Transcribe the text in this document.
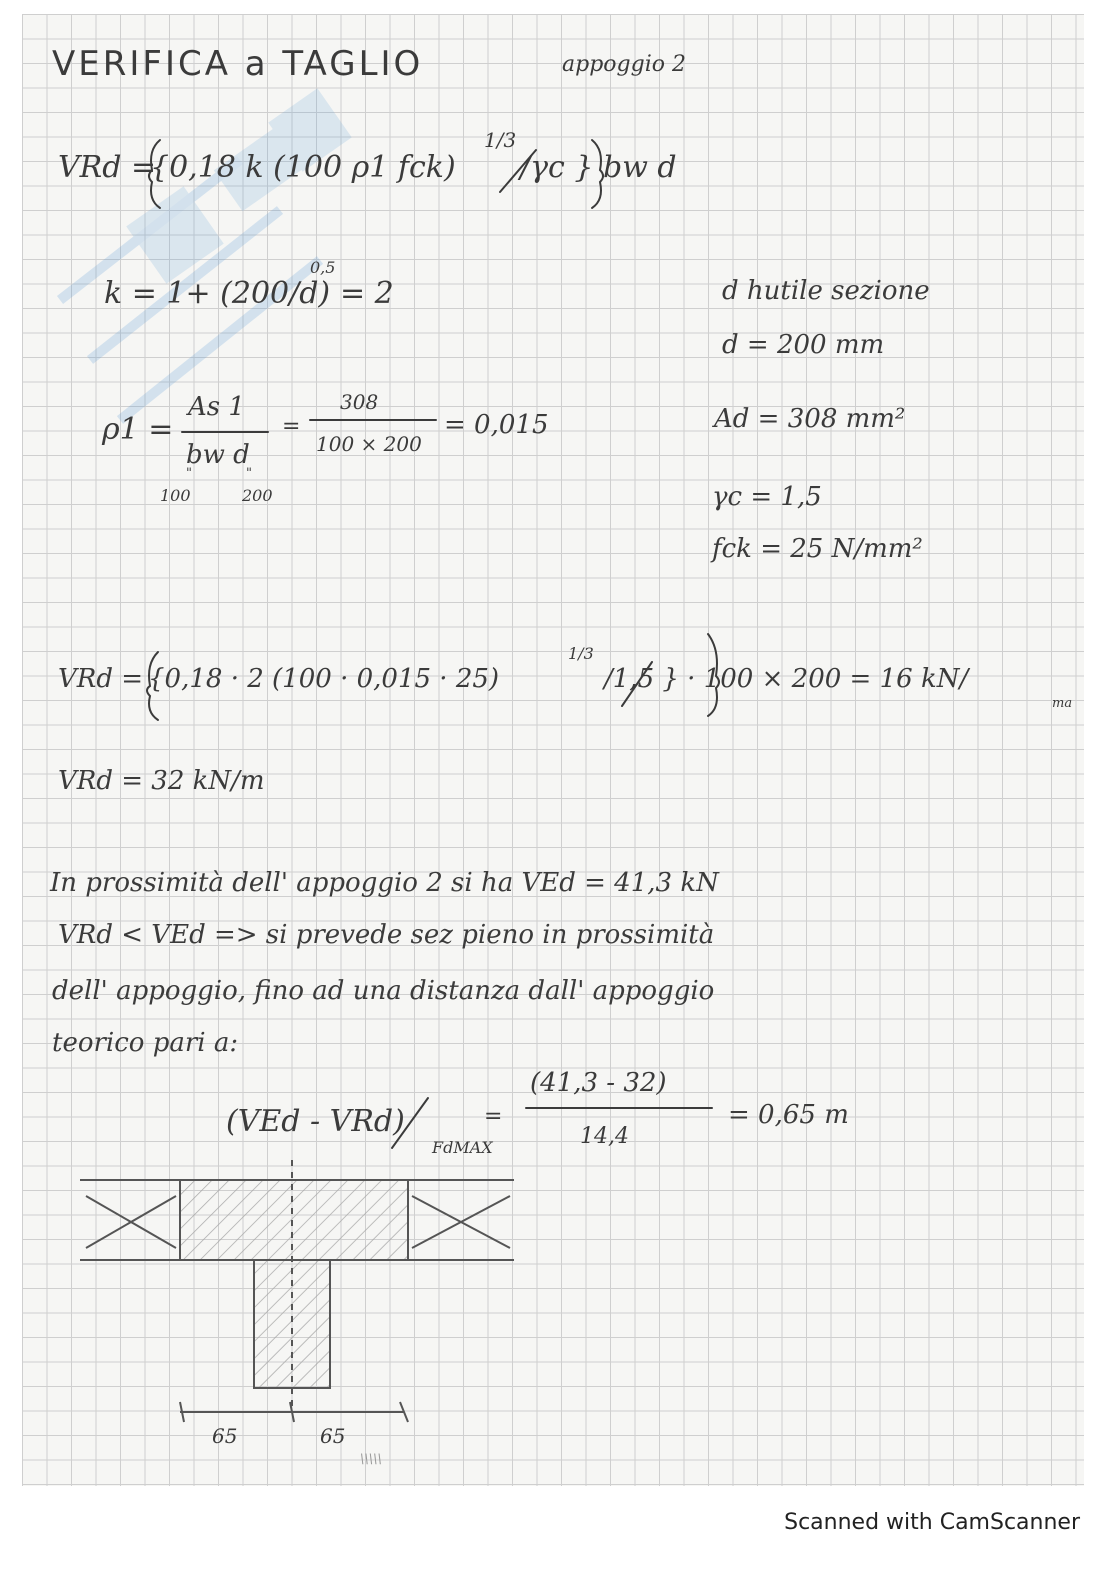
VERIFICA a TAGLIO	appoggio 2
VRd =
{0,18 k (100 ρ1 fck)
1/3
/γc } bw d
k = 1+ (200/d)
0,5
= 2
ρ1 =
As 1
bw d
=
308
100 × 200
= 0,015
"	"
100	200
d hutile sezione
d = 200 mm
Ad = 308 mm²
γc = 1,5
fck = 25 N/mm²
VRd = {0,18 · 2 (100 · 0,015 · 25)
1/3
/1,5 } · 100 × 200 = 16 kN/
ma
VRd = 32 kN/m
In prossimità dell' appoggio 2 si ha VEd = 41,3 kN
VRd < VEd => si prevede sez pieno in prossimità
dell' appoggio, fino ad una distanza dall' appoggio
teorico pari a:
(VEd - VRd)
FdMAX
=
(41,3 - 32)
14,4
= 0,65 m
65	65
\\\\\
Scanned with CamScanner
